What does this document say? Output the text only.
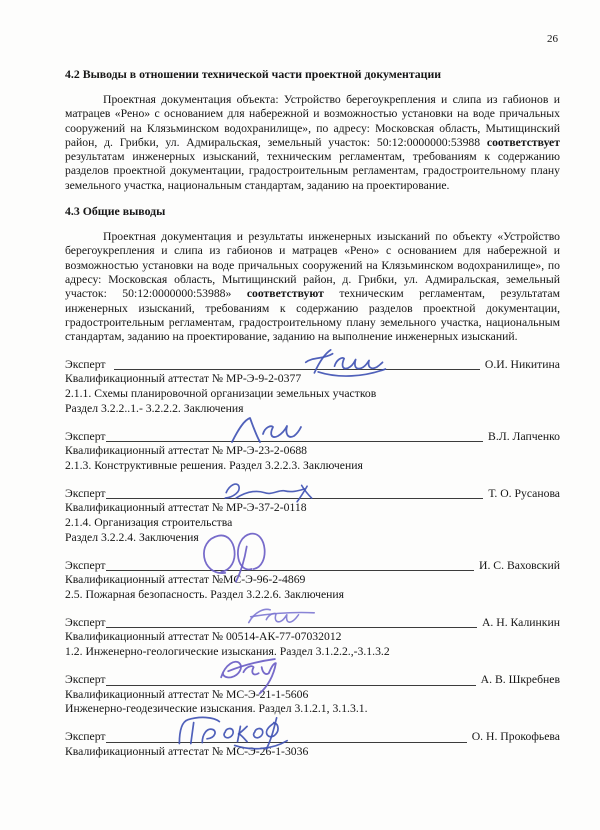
26
4.2 Выводы в отношении технической части проектной документации

Проектная документация объекта: Устройство берегоукрепления и слипа из габионов и матрацев «Рено» с основанием для набережной и возможностью установки на воде причальных сооружений на Клязьминском водохранилище», по адресу: Московская область, Мытищинский район, д. Грибки, ул. Адмиральская, земельный участок: 50:12:0000000:53988 соответствует результатам инженерных изысканий, техническим регламентам, требованиям к содержанию разделов проектной документации, градостроительным регламентам, градостроительному плану земельного участка, национальным стандартам, заданию на проектирование.

4.3 Общие выводы

Проектная документация и результаты инженерных изысканий по объекту «Устройство берегоукрепления и слипа из габионов и матрацев «Рено» с основанием для набережной и возможностью установки на воде причальных сооружений на Клязьминском водохранилище», по адресу: Московская область, Мытищинский район, д. Грибки, ул. Адмиральская, земельный участок: 50:12:0000000:53988» соответствуют техническим регламентам, результатам инженерных изысканий, требованиям к содержанию разделов проектной документации, градостроительным регламентам, градостроительному плану земельного участка, национальным стандартам, заданию на проектирование, заданию на выполнение инженерных изысканий.

Эксперт	О.И. Никитина
Квалификационный аттестат № МР-Э-9-2-0377
2.1.1. Схемы планировочной организации земельных участков
Раздел 3.2.2..1.- 3.2.2.2. Заключения
Эксперт	В.Л. Лапченко
Квалификационный аттестат № МР-Э-23-2-0688
2.1.3. Конструктивные решения. Раздел 3.2.2.3. Заключения
Эксперт	Т. О. Русанова
Квалификационный аттестат № МР-Э-37-2-0118
2.1.4. Организация строительства
Раздел 3.2.2.4. Заключения
Эксперт	И. С. Ваховский
Квалификационный аттестат №МС-Э-96-2-4869
2.5. Пожарная безопасность. Раздел 3.2.2.6. Заключения
Эксперт	А. Н. Калинкин
Квалификационный аттестат № 00514-АК-77-07032012
1.2. Инженерно-геологические изыскания. Раздел 3.1.2.2.,-3.1.3.2
Эксперт	А. В. Шкребнев
Квалификационный аттестат № МС-Э-21-1-5606
Инженерно-геодезические изыскания. Раздел 3.1.2.1, 3.1.3.1.
Эксперт	О. Н. Прокофьева
Квалификационный аттестат № МС-Э-26-1-3036
